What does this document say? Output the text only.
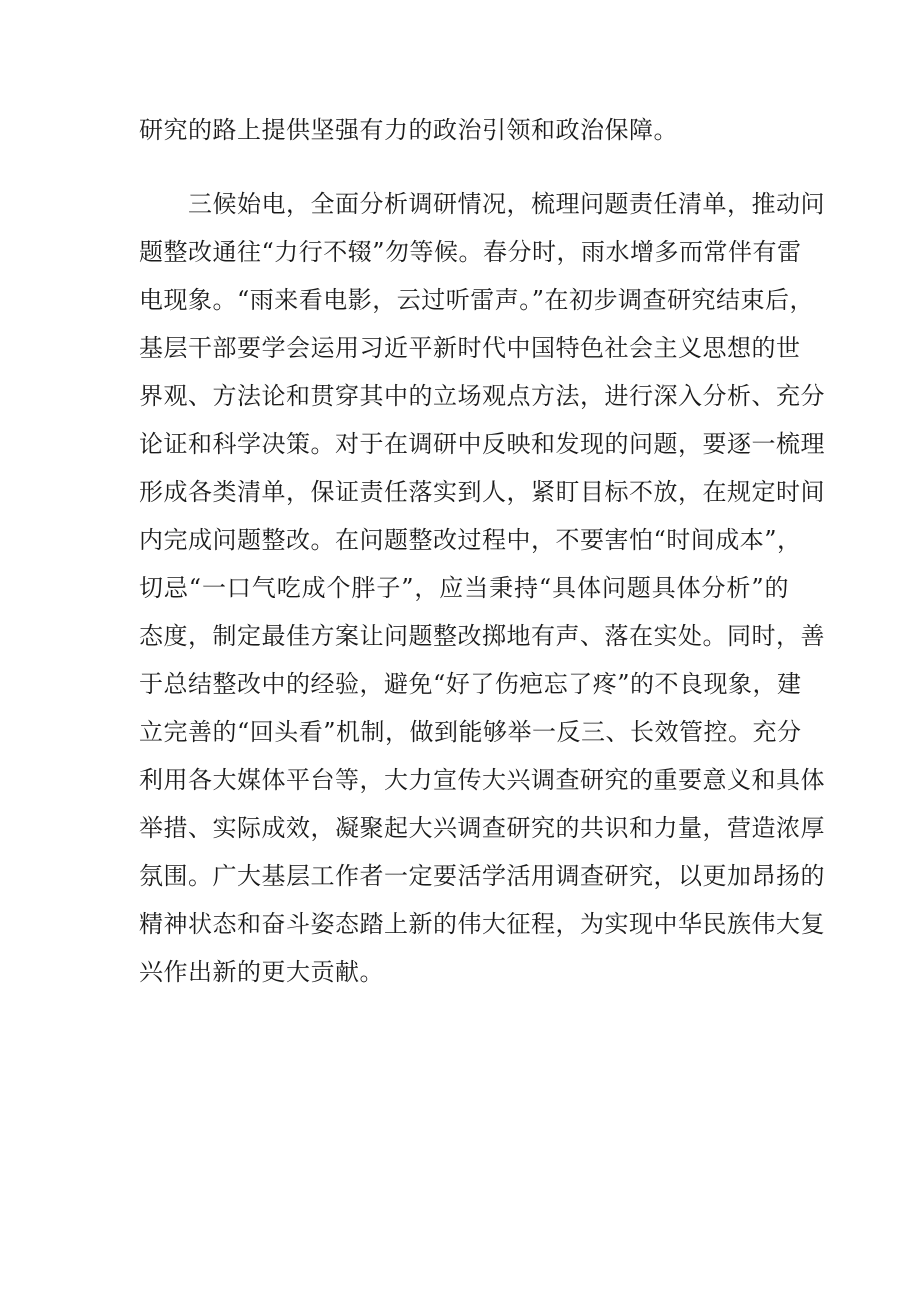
研究的路上提供坚强有力的政治引领和政治保障。
三候始电，全面分析调研情况，梳理问题责任清单，推动问
题整改通往“力行不辍”勿等候。春分时，雨水增多而常伴有雷
电现象。“雨来看电影，云过听雷声。”在初步调查研究结束后，
基层干部要学会运用习近平新时代中国特色社会主义思想的世
界观、方法论和贯穿其中的立场观点方法，进行深入分析、充分
论证和科学决策。对于在调研中反映和发现的问题，要逐一梳理
形成各类清单，保证责任落实到人，紧盯目标不放，在规定时间
内完成问题整改。在问题整改过程中，不要害怕“时间成本”，
切忌“一口气吃成个胖子”，应当秉持“具体问题具体分析”的
态度，制定最佳方案让问题整改掷地有声、落在实处。同时，善
于总结整改中的经验，避免“好了伤疤忘了疼”的不良现象，建
立完善的“回头看”机制，做到能够举一反三、长效管控。充分
利用各大媒体平台等，大力宣传大兴调查研究的重要意义和具体
举措、实际成效，凝聚起大兴调查研究的共识和力量，营造浓厚
氛围。广大基层工作者一定要活学活用调查研究，以更加昂扬的
精神状态和奋斗姿态踏上新的伟大征程，为实现中华民族伟大复
兴作出新的更大贡献。
